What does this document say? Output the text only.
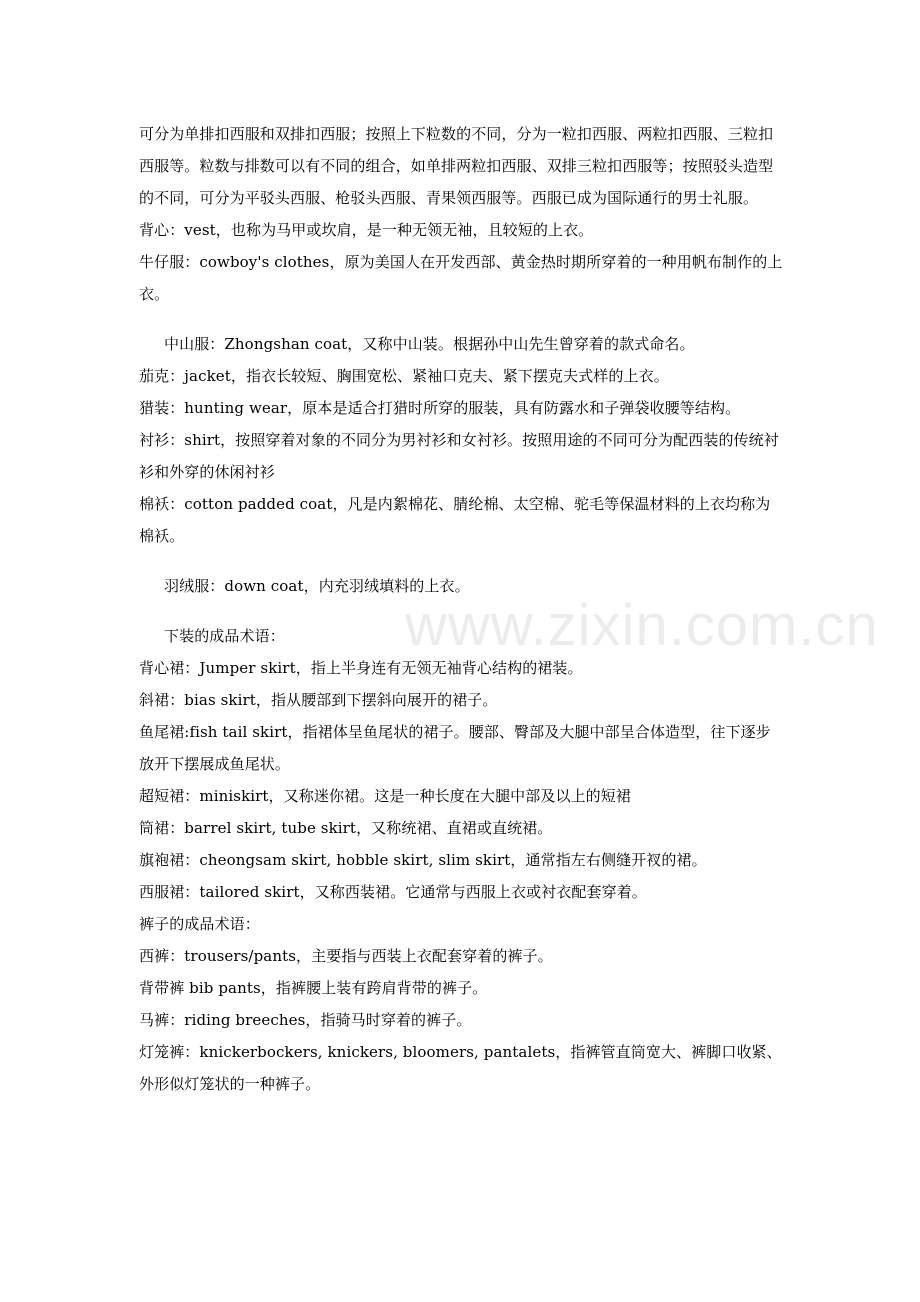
www.zixin.com.cn

可分为单排扣西服和双排扣西服；按照上下粒数的不同，分为一粒扣西服、两粒扣西服、三粒扣西服等。粒数与排数可以有不同的组合，如单排两粒扣西服、双排三粒扣西服等；按照驳头造型的不同，可分为平驳头西服、枪驳头西服、青果领西服等。西服已成为国际通行的男士礼服。

背心：vest，也称为马甲或坎肩，是一种无领无袖，且较短的上衣。

牛仔服：cowboy's clothes，原为美国人在开发西部、黄金热时期所穿着的一种用帆布制作的上衣。

中山服：Zhongshan coat，又称中山装。根据孙中山先生曾穿着的款式命名。

茄克：jacket，指衣长较短、胸围宽松、紧袖口克夫、紧下摆克夫式样的上衣。

猎装：hunting wear，原本是适合打猎时所穿的服装，具有防露水和子弹袋收腰等结构。

衬衫：shirt，按照穿着对象的不同分为男衬衫和女衬衫。按照用途的不同可分为配西装的传统衬衫和外穿的休闲衬衫

棉袄：cotton padded coat，凡是内絮棉花、腈纶棉、太空棉、驼毛等保温材料的上衣均称为棉袄。

羽绒服：down coat，内充羽绒填料的上衣。

下装的成品术语：

背心裙：Jumper skirt，指上半身连有无领无袖背心结构的裙装。

斜裙：bias skirt，指从腰部到下摆斜向展开的裙子。

鱼尾裙:fish tail skirt，指裙体呈鱼尾状的裙子。腰部、臀部及大腿中部呈合体造型，往下逐步放开下摆展成鱼尾状。

超短裙：miniskirt，又称迷你裙。这是一种长度在大腿中部及以上的短裙

筒裙：barrel skirt, tube skirt，又称统裙、直裙或直统裙。

旗袍裙：cheongsam skirt, hobble skirt, slim skirt，通常指左右侧缝开衩的裙。

西服裙：tailored skirt，又称西装裙。它通常与西服上衣或衬衣配套穿着。

裤子的成品术语：

西裤：trousers/pants，主要指与西装上衣配套穿着的裤子。

背带裤 bib pants，指裤腰上装有跨肩背带的裤子。

马裤：riding breeches，指骑马时穿着的裤子。

灯笼裤：knickerbockers, knickers, bloomers, pantalets，指裤管直筒宽大、裤脚口收紧、外形似灯笼状的一种裤子。
